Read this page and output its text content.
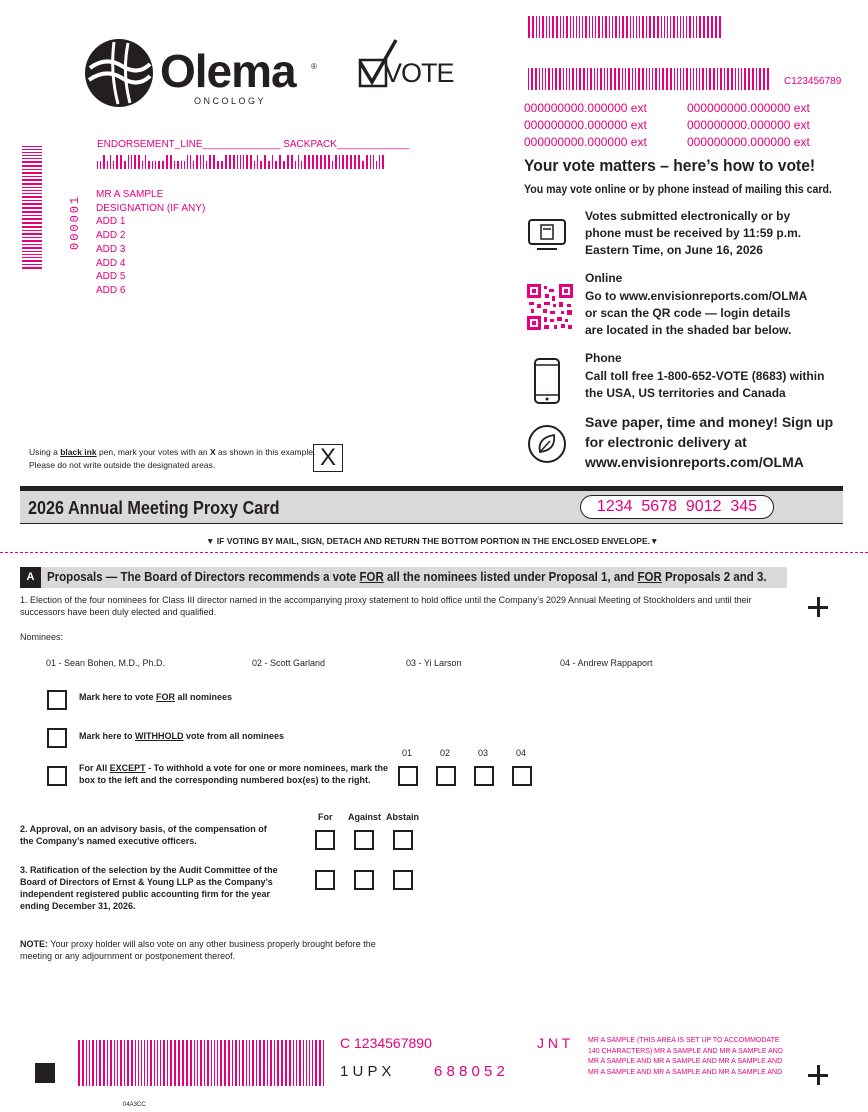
C123456789
000000000.000000 ext	000000000.000000 ext
000000000.000000 ext	000000000.000000 ext
000000000.000000 ext	000000000.000000 ext
Olema ®
ONCOLOGY
VOTE
000001
ENDORSEMENT_LINE______________ SACKPACK_____________
MR A SAMPLE
DESIGNATION (IF ANY)
ADD 1
ADD 2
ADD 3
ADD 4
ADD 5
ADD 6
Your vote matters – here’s how to vote!
You may vote online or by phone instead of mailing this card.
Votes submitted electronically or by phone must be received by 11:59 p.m. Eastern Time, on June 16, 2026
Online
Go to www.envisionreports.com/OLMA or scan the QR code — login details are located in the shaded bar below.
Phone
Call toll free 1-800-652-VOTE (8683) within the USA, US territories and Canada
Save paper, time and money! Sign up for electronic delivery at www.envisionreports.com/OLMA
Using a black ink pen, mark your votes with an X as shown in this example.
Please do not write outside the designated areas.	X
2026 Annual Meeting Proxy Card	1234  5678  9012  345
▼ IF VOTING BY MAIL, SIGN, DETACH AND RETURN THE BOTTOM PORTION IN THE ENCLOSED ENVELOPE.▼
A	Proposals — The Board of Directors recommends a vote FOR all the nominees listed under Proposal 1, and FOR Proposals 2 and 3.
1. Election of the four nominees for Class III director named in the accompanying proxy statement to hold office until the Company’s 2029 Annual Meeting of Stockholders and until their successors have been duly elected and qualified.
Nominees:
01 - Sean Bohen, M.D., Ph.D.	02 - Scott Garland	03 - Yi Larson	04 - Andrew Rappaport
Mark here to vote FOR all nominees
Mark here to WITHHOLD vote from all nominees
For All EXCEPT - To withhold a vote for one or more nominees, mark the box to the left and the corresponding numbered box(es) to the right.
01	02	03	04
For Against Abstain
2. Approval, on an advisory basis, of the compensation of the Company’s named executive officers.
3. Ratification of the selection by the Audit Committee of the Board of Directors of Ernst & Young LLP as the Company’s independent registered public accounting firm for the year ending December 31, 2026.
NOTE: Your proxy holder will also vote on any other business properly brought before the meeting or any adjournment or postponement thereof.
C 1234567890	J N T
1 U P X	6 8 8 0 5 2
MR A SAMPLE (THIS AREA IS SET UP TO ACCOMMODATE 140 CHARACTERS) MR A SAMPLE AND MR A SAMPLE AND MR A SAMPLE AND MR A SAMPLE AND MR A SAMPLE AND MR A SAMPLE AND MR A SAMPLE AND MR A SAMPLE AND
04A3CC
